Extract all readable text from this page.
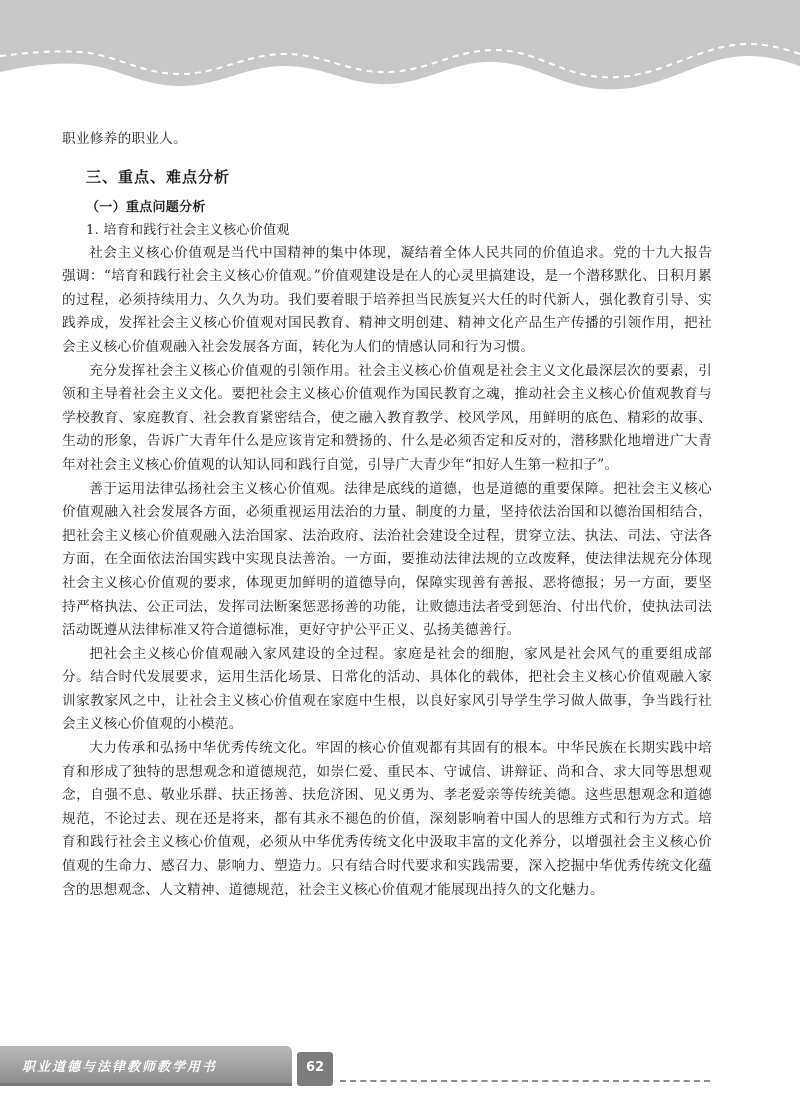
职业修养的职业人。

三、重点、难点分析
（一）重点问题分析
1. 培育和践行社会主义核心价值观

社会主义核心价值观是当代中国精神的集中体现，凝结着全体人民共同的价值追求。党的十九大报告强调：“培育和践行社会主义核心价值观。”价值观建设是在人的心灵里搞建设，是一个潜移默化、日积月累的过程，必须持续用力、久久为功。我们要着眼于培养担当民族复兴大任的时代新人，强化教育引导、实践养成，发挥社会主义核心价值观对国民教育、精神文明创建、精神文化产品生产传播的引领作用，把社会主义核心价值观融入社会发展各方面，转化为人们的情感认同和行为习惯。

充分发挥社会主义核心价值观的引领作用。社会主义核心价值观是社会主义文化最深层次的要素，引领和主导着社会主义文化。要把社会主义核心价值观作为国民教育之魂，推动社会主义核心价值观教育与学校教育、家庭教育、社会教育紧密结合，使之融入教育教学、校风学风，用鲜明的底色、精彩的故事、生动的形象，告诉广大青年什么是应该肯定和赞扬的、什么是必须否定和反对的，潜移默化地增进广大青年对社会主义核心价值观的认知认同和践行自觉，引导广大青少年“扣好人生第一粒扣子”。

善于运用法律弘扬社会主义核心价值观。法律是底线的道德，也是道德的重要保障。把社会主义核心价值观融入社会发展各方面，必须重视运用法治的力量、制度的力量，坚持依法治国和以德治国相结合，把社会主义核心价值观融入法治国家、法治政府、法治社会建设全过程，贯穿立法、执法、司法、守法各方面，在全面依法治国实践中实现良法善治。一方面，要推动法律法规的立改废释，使法律法规充分体现社会主义核心价值观的要求，体现更加鲜明的道德导向，保障实现善有善报、恶将德报；另一方面，要坚持严格执法、公正司法，发挥司法断案惩恶扬善的功能，让败德违法者受到惩治、付出代价，使执法司法活动既遵从法律标准又符合道德标准，更好守护公平正义、弘扬美德善行。

把社会主义核心价值观融入家风建设的全过程。家庭是社会的细胞，家风是社会风气的重要组成部分。结合时代发展要求，运用生活化场景、日常化的活动、具体化的载体，把社会主义核心价值观融入家训家教家风之中，让社会主义核心价值观在家庭中生根，以良好家风引导学生学习做人做事，争当践行社会主义核心价值观的小模范。

大力传承和弘扬中华优秀传统文化。牢固的核心价值观都有其固有的根本。中华民族在长期实践中培育和形成了独特的思想观念和道德规范，如崇仁爱、重民本、守诚信、讲辩证、尚和合、求大同等思想观念，自强不息、敬业乐群、扶正扬善、扶危济困、见义勇为、孝老爱亲等传统美德。这些思想观念和道德规范，不论过去、现在还是将来，都有其永不褪色的价值，深刻影响着中国人的思维方式和行为方式。培育和践行社会主义核心价值观，必须从中华优秀传统文化中汲取丰富的文化养分，以增强社会主义核心价值观的生命力、感召力、影响力、塑造力。只有结合时代要求和实践需要，深入挖掘中华优秀传统文化蕴含的思想观念、人文精神、道德规范，社会主义核心价值观才能展现出持久的文化魅力。

职业道德与法律教师教学用书	62
